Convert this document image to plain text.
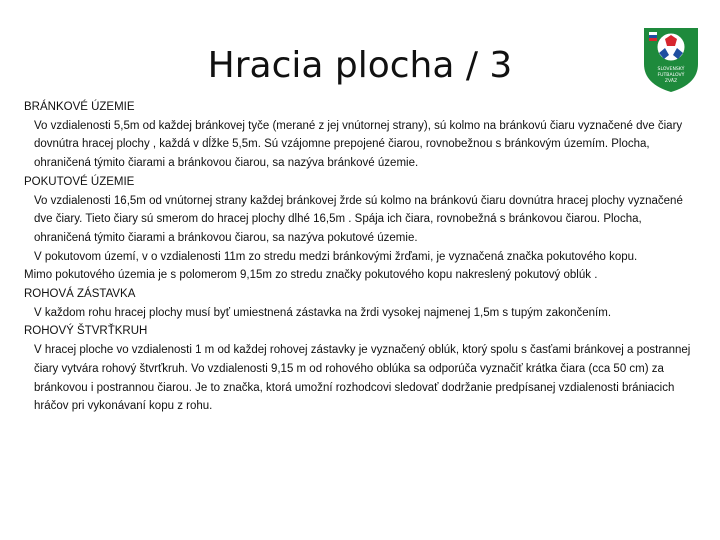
Hracia plocha / 3	SLOVENSKÝ
FUTBALOVÝ
ZVÄZ

BRÁNKOVÉ ÚZEMIE

Vo vzdialenosti 5,5m od každej bránkovej tyče (merané z jej vnútornej strany), sú kolmo na bránkovú čiaru vyznačené dve čiary dovnútra hracej plochy , každá v dĺžke 5,5m. Sú vzájomne prepojené čiarou, rovnobežnou s bránkovým územím. Plocha, ohraničená týmito čiarami a bránkovou čiarou, sa nazýva bránkové územie.

POKUTOVÉ ÚZEMIE

Vo vzdialenosti 16,5m od vnútornej strany každej bránkovej žrde sú kolmo na bránkovú čiaru dovnútra hracej plochy vyznačené dve čiary. Tieto čiary sú smerom do hracej plochy dlhé 16,5m . Spája ich čiara, rovnobežná s bránkovou čiarou. Plocha, ohraničená týmito čiarami a bránkovou čiarou, sa nazýva pokutové územie.

V pokutovom území, v o vzdialenosti 11m zo stredu medzi bránkovými žrďami, je vyznačená značka pokutového kopu.

Mimo pokutového územia je s polomerom 9,15m zo stredu značky pokutového kopu nakreslený pokutový oblúk .

ROHOVÁ ZÁSTAVKA

V každom rohu hracej plochy musí byť umiestnená zástavka na žrdi vysokej najmenej 1,5m s tupým zakončením.

ROHOVÝ ŠTVRŤKRUH

V hracej ploche vo vzdialenosti 1 m od každej rohovej zástavky je vyznačený oblúk, ktorý spolu s časťami bránkovej a postrannej čiary vytvára rohový štvrťkruh. Vo vzdialenosti 9,15 m od rohového oblúka sa odporúča vyznačiť krátka čiara (cca 50 cm) za bránkovou i postrannou čiarou. Je to značka, ktorá umožní rozhodcovi sledovať dodržanie predpísanej vzdialenosti brániacich hráčov pri vykonávaní kopu z rohu.
